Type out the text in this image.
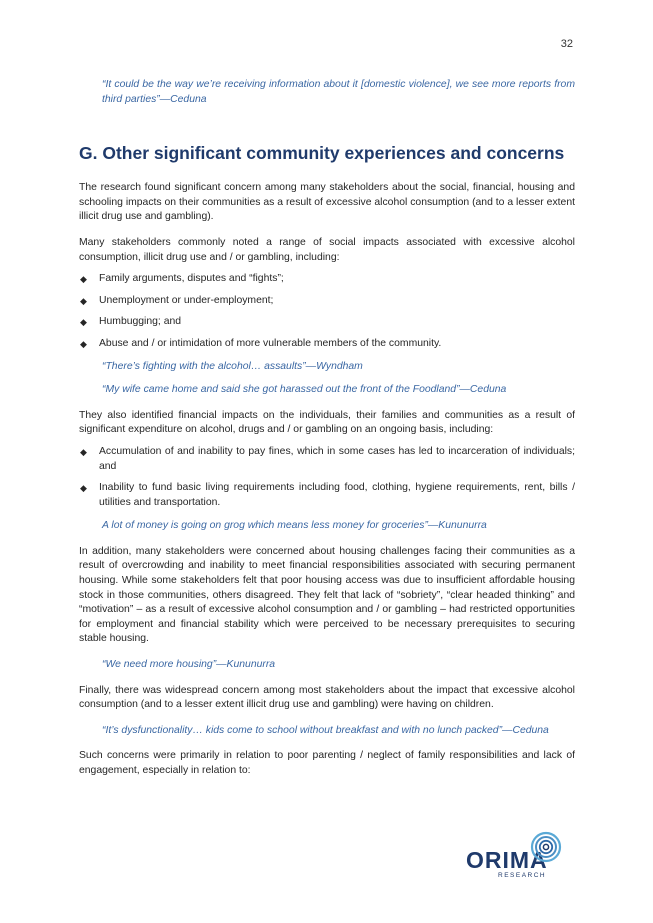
32

“It could be the way we’re receiving information about it [domestic violence], we see more reports from third parties”—Ceduna

G. Other significant community experiences and concerns

The research found significant concern among many stakeholders about the social, financial, housing and schooling impacts on their communities as a result of excessive alcohol consumption (and to a lesser extent illicit drug use and gambling).

Many stakeholders commonly noted a range of social impacts associated with excessive alcohol consumption, illicit drug use and / or gambling, including:

◆ Family arguments, disputes and “fights”;
◆ Unemployment or under-employment;
◆ Humbugging; and
◆ Abuse and / or intimidation of more vulnerable members of the community.

“There’s fighting with the alcohol… assaults”—Wyndham

“My wife came home and said she got harassed out the front of the Foodland”—Ceduna

They also identified financial impacts on the individuals, their families and communities as a result of significant expenditure on alcohol, drugs and / or gambling on an ongoing basis, including:

◆ Accumulation of and inability to pay fines, which in some cases has led to incarceration of individuals; and
◆ Inability to fund basic living requirements including food, clothing, hygiene requirements, rent, bills / utilities and transportation.

A lot of money is going on grog which means less money for groceries”—Kununurra

In addition, many stakeholders were concerned about housing challenges facing their communities as a result of overcrowding and inability to meet financial responsibilities associated with securing permanent housing. While some stakeholders felt that poor housing access was due to insufficient affordable housing stock in those communities, others disagreed. They felt that lack of “sobriety”, “clear headed thinking” and “motivation” – as a result of excessive alcohol consumption and / or gambling – had restricted opportunities for employment and financial stability which were perceived to be necessary prerequisites to securing stable housing.

“We need more housing”—Kununurra

Finally, there was widespread concern among most stakeholders about the impact that excessive alcohol consumption (and to a lesser extent illicit drug use and gambling) were having on children.

“It’s dysfunctionality… kids come to school without breakfast and with no lunch packed”—Ceduna

Such concerns were primarily in relation to poor parenting / neglect of family responsibilities and lack of engagement, especially in relation to:

ORIMA
RESEARCH
